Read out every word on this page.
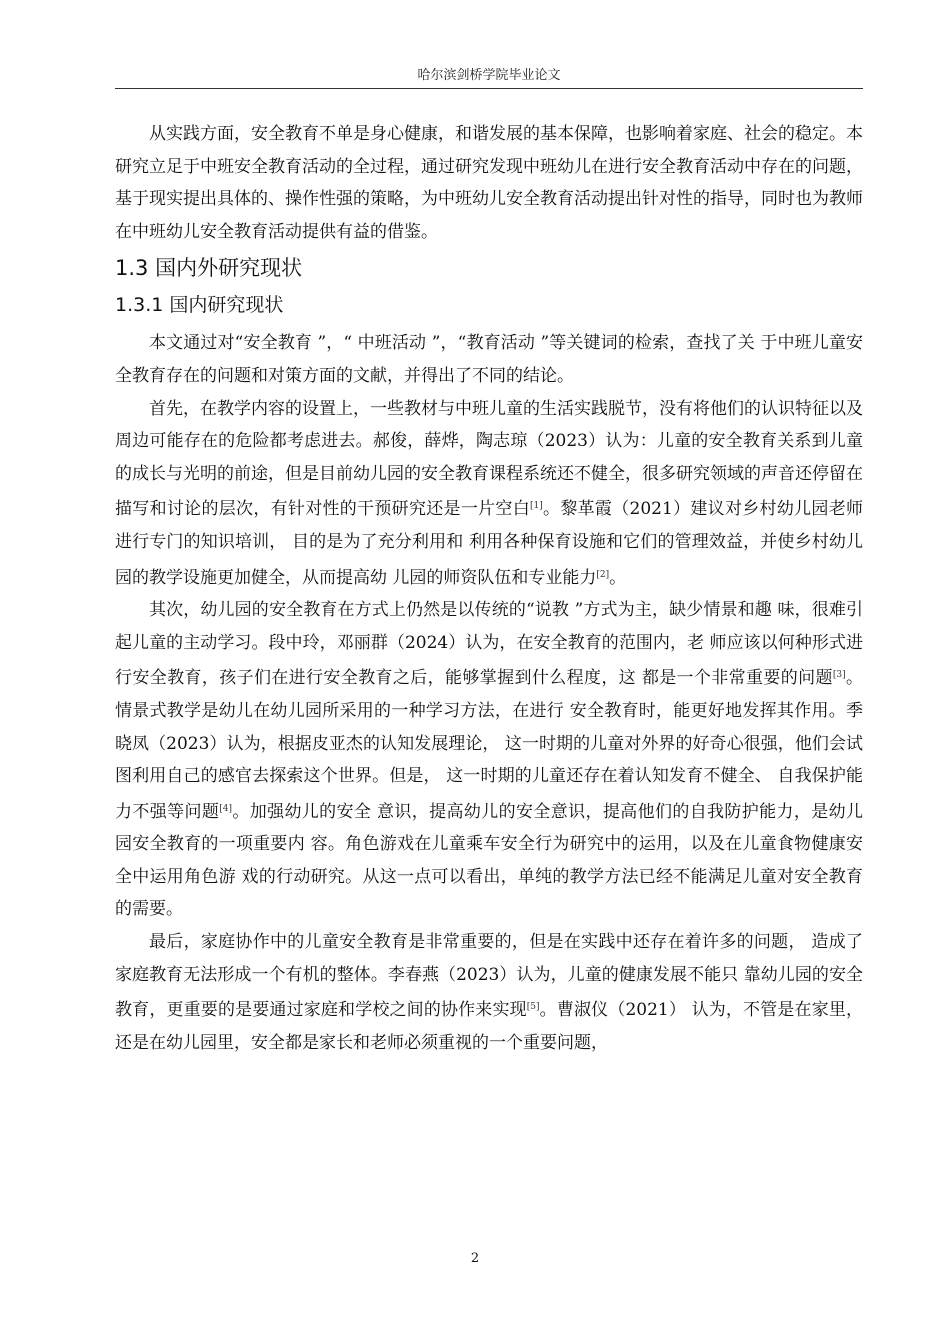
哈尔滨剑桥学院毕业论文

从实践方面，安全教育不单是身心健康，和谐发展的基本保障，也影响着家庭、社会的稳定。本研究立足于中班安全教育活动的全过程，通过研究发现中班幼儿在进行安全教育活动中存在的问题，基于现实提出具体的、操作性强的策略，为中班幼儿安全教育活动提出针对性的指导，同时也为教师在中班幼儿安全教育活动提供有益的借鉴。

1.3 国内外研究现状
1.3.1 国内研究现状

本文通过对“安全教育 ”，“ 中班活动 ”，“教育活动 ”等关键词的检索，查找了关 于中班儿童安全教育存在的问题和对策方面的文献，并得出了不同的结论。

首先，在教学内容的设置上，一些教材与中班儿童的生活实践脱节，没有将他们的认识特征以及周边可能存在的危险都考虑进去。郝俊，薛烨，陶志琼（2023）认为：儿童的安全教育关系到儿童的成长与光明的前途，但是目前幼儿园的安全教育课程系统还不健全，很多研究领域的声音还停留在描写和讨论的层次，有针对性的干预研究还是一片空白[1]。黎革霞（2021）建议对乡村幼儿园老师进行专门的知识培训， 目的是为了充分利用和 利用各种保育设施和它们的管理效益，并使乡村幼儿园的教学设施更加健全，从而提高幼 儿园的师资队伍和专业能力[2]。

其次，幼儿园的安全教育在方式上仍然是以传统的“说教 ”方式为主，缺少情景和趣 味，很难引起儿童的主动学习。段中玲，邓丽群（2024）认为，在安全教育的范围内，老 师应该以何种形式进行安全教育，孩子们在进行安全教育之后，能够掌握到什么程度，这 都是一个非常重要的问题[3]。情景式教学是幼儿在幼儿园所采用的一种学习方法，在进行 安全教育时，能更好地发挥其作用。季晓凤（2023）认为，根据皮亚杰的认知发展理论， 这一时期的儿童对外界的好奇心很强，他们会试图利用自己的感官去探索这个世界。但是， 这一时期的儿童还存在着认知发育不健全、 自我保护能力不强等问题[4]。加强幼儿的安全 意识，提高幼儿的安全意识，提高他们的自我防护能力，是幼儿园安全教育的一项重要内 容。角色游戏在儿童乘车安全行为研究中的运用，以及在儿童食物健康安全中运用角色游 戏的行动研究。从这一点可以看出，单纯的教学方法已经不能满足儿童对安全教育的需要。

最后，家庭协作中的儿童安全教育是非常重要的，但是在实践中还存在着许多的问题， 造成了家庭教育无法形成一个有机的整体。李春燕（2023）认为，儿童的健康发展不能只 靠幼儿园的安全教育，更重要的是要通过家庭和学校之间的协作来实现[5]。曹淑仪（2021） 认为，不管是在家里，还是在幼儿园里，安全都是家长和老师必须重视的一个重要问题，

2
